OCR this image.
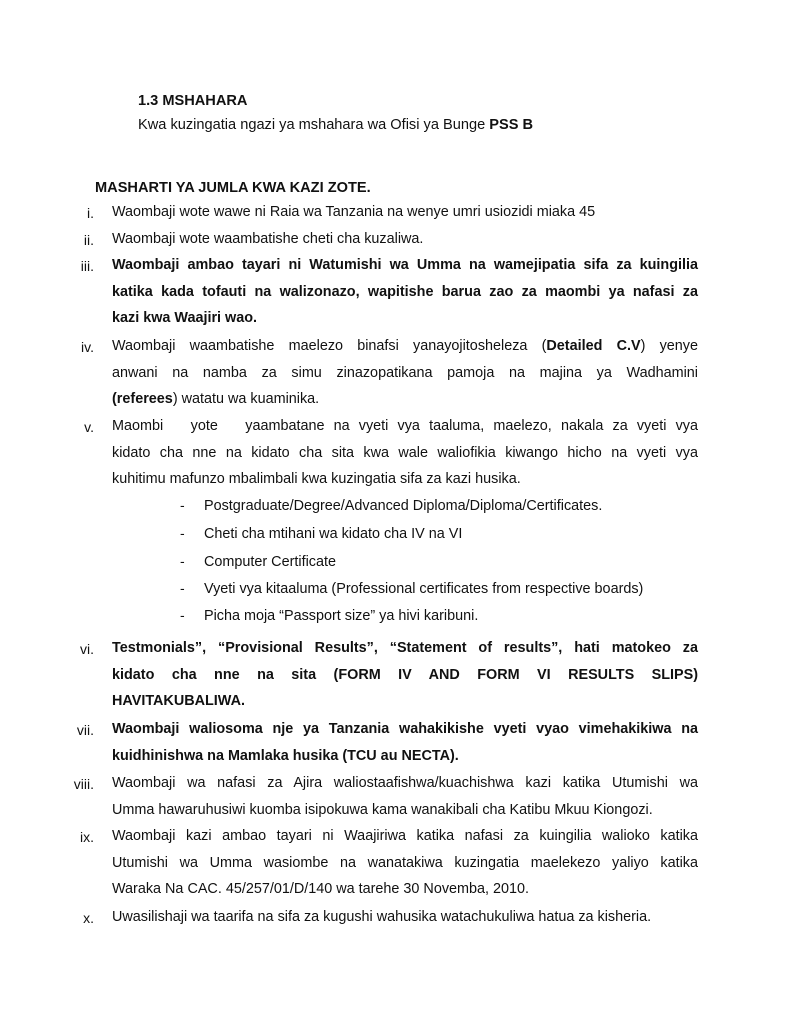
1.3 MSHAHARA
Kwa kuzingatia ngazi ya mshahara wa Ofisi ya Bunge PSS B
MASHARTI YA JUMLA KWA KAZI ZOTE.
i. Waombaji wote wawe ni Raia wa Tanzania na wenye umri usiozidi miaka 45
ii. Waombaji wote waambatishe cheti cha kuzaliwa.
iii. Waombaji ambao tayari ni Watumishi wa Umma na wamejipatia sifa za kuingilia
katika kada tofauti na walizonazo, wapitishe barua zao za maombi ya nafasi za
kazi kwa Waajiri wao.
iv. Waombaji waambatishe maelezo binafsi yanayojitosheleza (Detailed C.V) yenye
anwani na namba za simu zinazopatikana pamoja na majina ya Wadhamini
(referees) watatu wa kuaminika.
v. Maombi   yote   yaambatane na vyeti vya taaluma, maelezo, nakala za vyeti vya
kidato cha nne na kidato cha sita kwa wale waliofikia kiwango hicho na vyeti vya
kuhitimu mafunzo mbalimbali kwa kuzingatia sifa za kazi husika.
- Postgraduate/Degree/Advanced Diploma/Diploma/Certificates.
- Cheti cha mtihani wa kidato cha IV na VI
- Computer Certificate
- Vyeti vya kitaaluma (Professional certificates from respective boards)
- Picha moja “Passport size” ya hivi karibuni.
vi. Testmonials”, “Provisional Results”, “Statement of results”, hati matokeo za
kidato cha nne na sita (FORM IV AND FORM VI RESULTS SLIPS)
HAVITAKUBALIWA.
vii. Waombaji waliosoma nje ya Tanzania wahakikishe vyeti vyao vimehakikiwa na
kuidhinishwa na Mamlaka husika (TCU au NECTA).
viii. Waombaji wa nafasi za Ajira waliostaafishwa/kuachishwa kazi katika Utumishi wa
Umma hawaruhusiwi kuomba isipokuwa kama wanakibali cha Katibu Mkuu Kiongozi.
ix. Waombaji kazi ambao tayari ni Waajiriwa katika nafasi za kuingilia walioko katika
Utumishi wa Umma wasiombe na wanatakiwa kuzingatia maelekezo yaliyo katika
Waraka Na CAC. 45/257/01/D/140 wa tarehe 30 Novemba, 2010.
x. Uwasilishaji wa taarifa na sifa za kugushi wahusika watachukuliwa hatua za kisheria.
